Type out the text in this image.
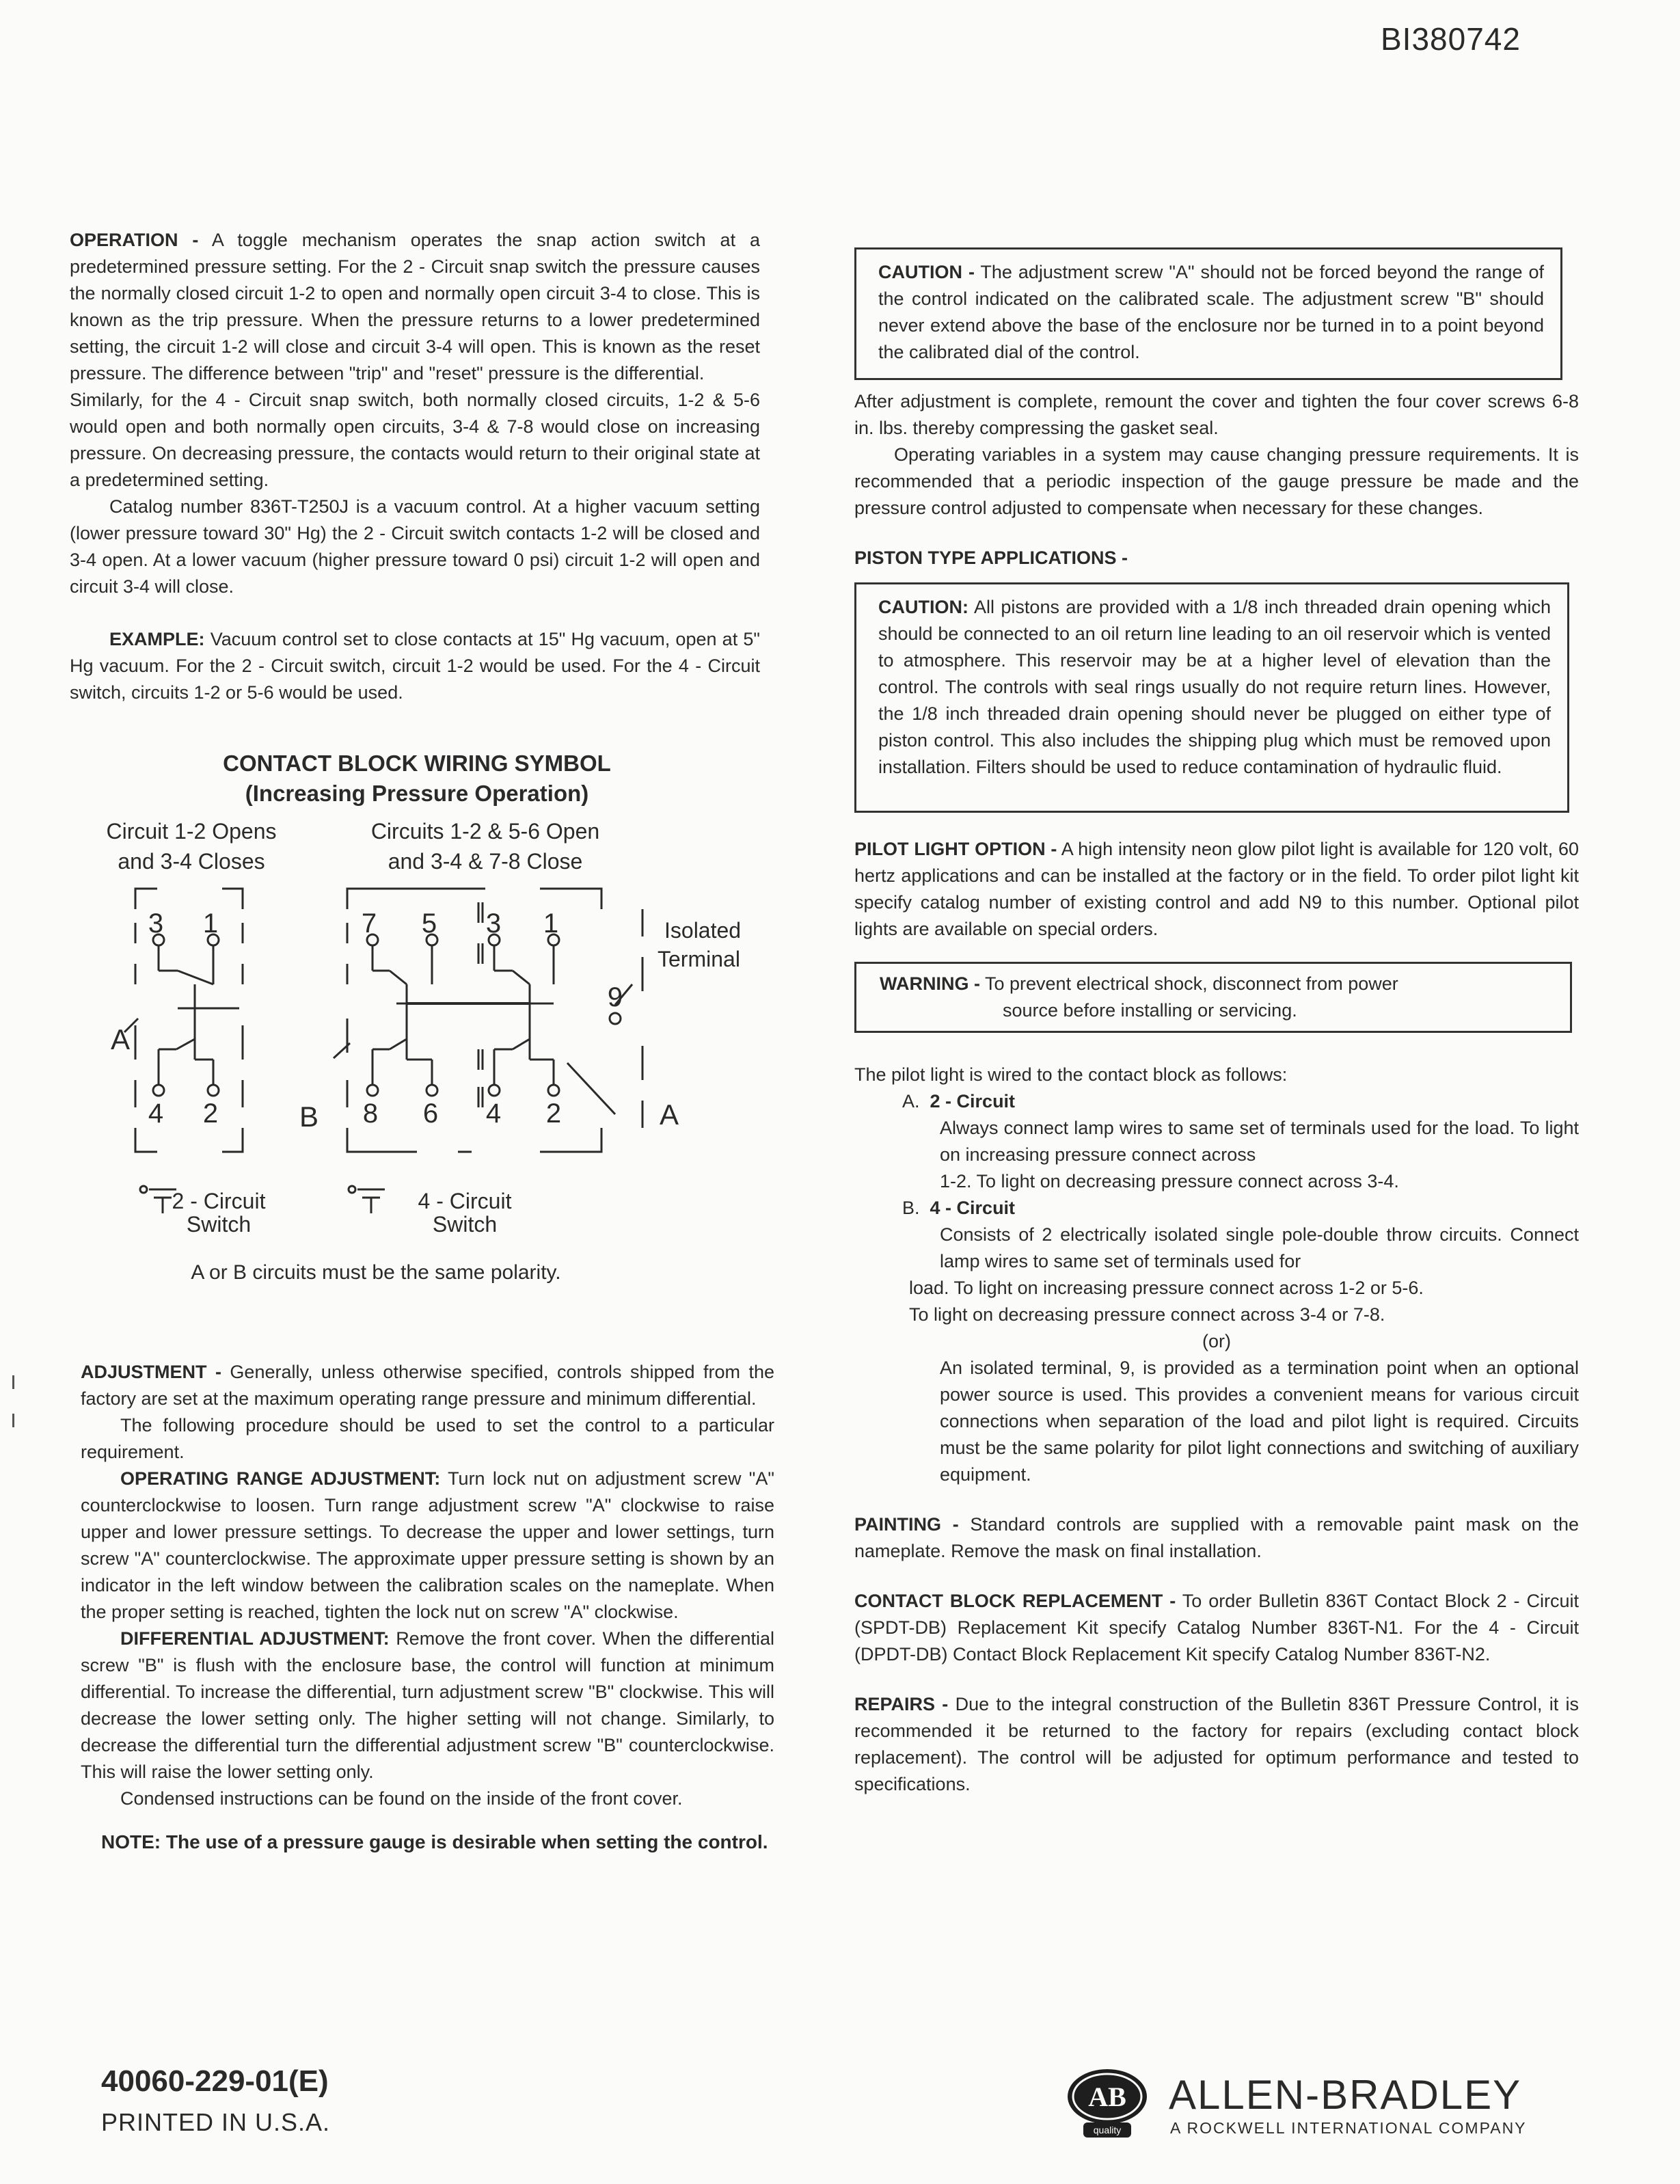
BI380742

OPERATION - A toggle mechanism operates the snap action switch at a predetermined pressure setting. For the 2 - Circuit snap switch the pressure causes the normally closed circuit 1-2 to open and normally open circuit 3-4 to close. This is known as the trip pressure. When the pressure returns to a lower predetermined setting, the circuit 1-2 will close and circuit 3-4 will open. This is known as the reset pressure. The difference between "trip" and "reset" pressure is the differential.

Similarly, for the 4 - Circuit snap switch, both normally closed circuits, 1-2 & 5-6 would open and both normally open circuits, 3-4 & 7-8 would close on increasing pressure. On decreasing pressure, the contacts would return to their original state at a predetermined setting.

Catalog number 836T-T250J is a vacuum control. At a higher vacuum setting (lower pressure toward 30" Hg) the 2 - Circuit switch contacts 1-2 will be closed and 3-4 open. At a lower vacuum (higher pressure toward 0 psi) circuit 1-2 will open and circuit 3-4 will close.

EXAMPLE: Vacuum control set to close contacts at 15" Hg vacuum, open at 5" Hg vacuum. For the 2 - Circuit switch, circuit 1-2 would be used. For the 4 - Circuit switch, circuits 1-2 or 5-6 would be used.

CONTACT BLOCK WIRING SYMBOL
(Increasing Pressure Operation)
Circuit 1-2 Opens
and 3-4 Closes
Circuits 1-2 & 5-6 Open
and 3-4 & 7-8 Close
3 1
4 2
A
7 5 3 1
8 6 4 2
9
B	A
Isolated
Terminal
2 - Circuit
Switch
4 - Circuit
Switch
A or B circuits must be the same polarity.

ADJUSTMENT - Generally, unless otherwise specified, controls shipped from the factory are set at the maximum operating range pressure and minimum differential.

The following procedure should be used to set the control to a particular requirement.

OPERATING RANGE ADJUSTMENT: Turn lock nut on adjustment screw "A" counterclockwise to loosen. Turn range adjustment screw "A" clockwise to raise upper and lower pressure settings. To decrease the upper and lower settings, turn screw "A" counterclockwise. The approximate upper pressure setting is shown by an indicator in the left window between the calibration scales on the nameplate. When the proper setting is reached, tighten the lock nut on screw "A" clockwise.

DIFFERENTIAL ADJUSTMENT: Remove the front cover. When the differential screw "B" is flush with the enclosure base, the control will function at minimum differential. To increase the differential, turn adjustment screw "B" clockwise. This will decrease the lower setting only. The higher setting will not change. Similarly, to decrease the differential turn the differential adjustment screw "B" counterclockwise. This will raise the lower setting only.

Condensed instructions can be found on the inside of the front cover.

NOTE: The use of a pressure gauge is desirable when setting the control.

CAUTION - The adjustment screw "A" should not be forced beyond the range of the control indicated on the calibrated scale. The adjustment screw "B" should never extend above the base of the enclosure nor be turned in to a point beyond the calibrated dial of the control.

After adjustment is complete, remount the cover and tighten the four cover screws 6-8 in. lbs. thereby compressing the gasket seal.

Operating variables in a system may cause changing pressure requirements. It is recommended that a periodic inspection of the gauge pressure be made and the pressure control adjusted to compensate when necessary for these changes.

PISTON TYPE APPLICATIONS -

CAUTION: All pistons are provided with a 1/8 inch threaded drain opening which should be connected to an oil return line leading to an oil reservoir which is vented to atmosphere. This reservoir may be at a higher level of elevation than the control. The controls with seal rings usually do not require return lines. However, the 1/8 inch threaded drain opening should never be plugged on either type of piston control. This also includes the shipping plug which must be removed upon installation. Filters should be used to reduce contamination of hydraulic fluid.

PILOT LIGHT OPTION - A high intensity neon glow pilot light is available for 120 volt, 60 hertz applications and can be installed at the factory or in the field. To order pilot light kit specify catalog number of existing control and add N9 to this number. Optional pilot lights are available on special orders.

WARNING - To prevent electrical shock, disconnect from power
source before installing or servicing.

The pilot light is wired to the contact block as follows:

A. 2 - Circuit

Always connect lamp wires to same set of terminals used for the load. To light on increasing pressure connect across

1-2. To light on decreasing pressure connect across 3-4.

B. 4 - Circuit

Consists of 2 electrically isolated single pole-double throw circuits. Connect lamp wires to same set of terminals used for

load. To light on increasing pressure connect across 1-2 or 5-6.

To light on decreasing pressure connect across 3-4 or 7-8.

(or)

An isolated terminal, 9, is provided as a termination point when an optional power source is used. This provides a convenient means for various circuit connections when separation of the load and pilot light is required. Circuits must be the same polarity for pilot light connections and switching of auxiliary equipment.

PAINTING - Standard controls are supplied with a removable paint mask on the nameplate. Remove the mask on final installation.

CONTACT BLOCK REPLACEMENT - To order Bulletin 836T Contact Block 2 - Circuit (SPDT-DB) Replacement Kit specify Catalog Number 836T-N1. For the 4 - Circuit (DPDT-DB) Contact Block Replacement Kit specify Catalog Number 836T-N2.

REPAIRS - Due to the integral construction of the Bulletin 836T Pressure Control, it is recommended it be returned to the factory for repairs (excluding contact block replacement). The control will be adjusted for optimum performance and tested to specifications.

40060-229-01(E)
PRINTED IN U.S.A.
AB
quality
ALLEN-BRADLEY
A ROCKWELL INTERNATIONAL COMPANY
